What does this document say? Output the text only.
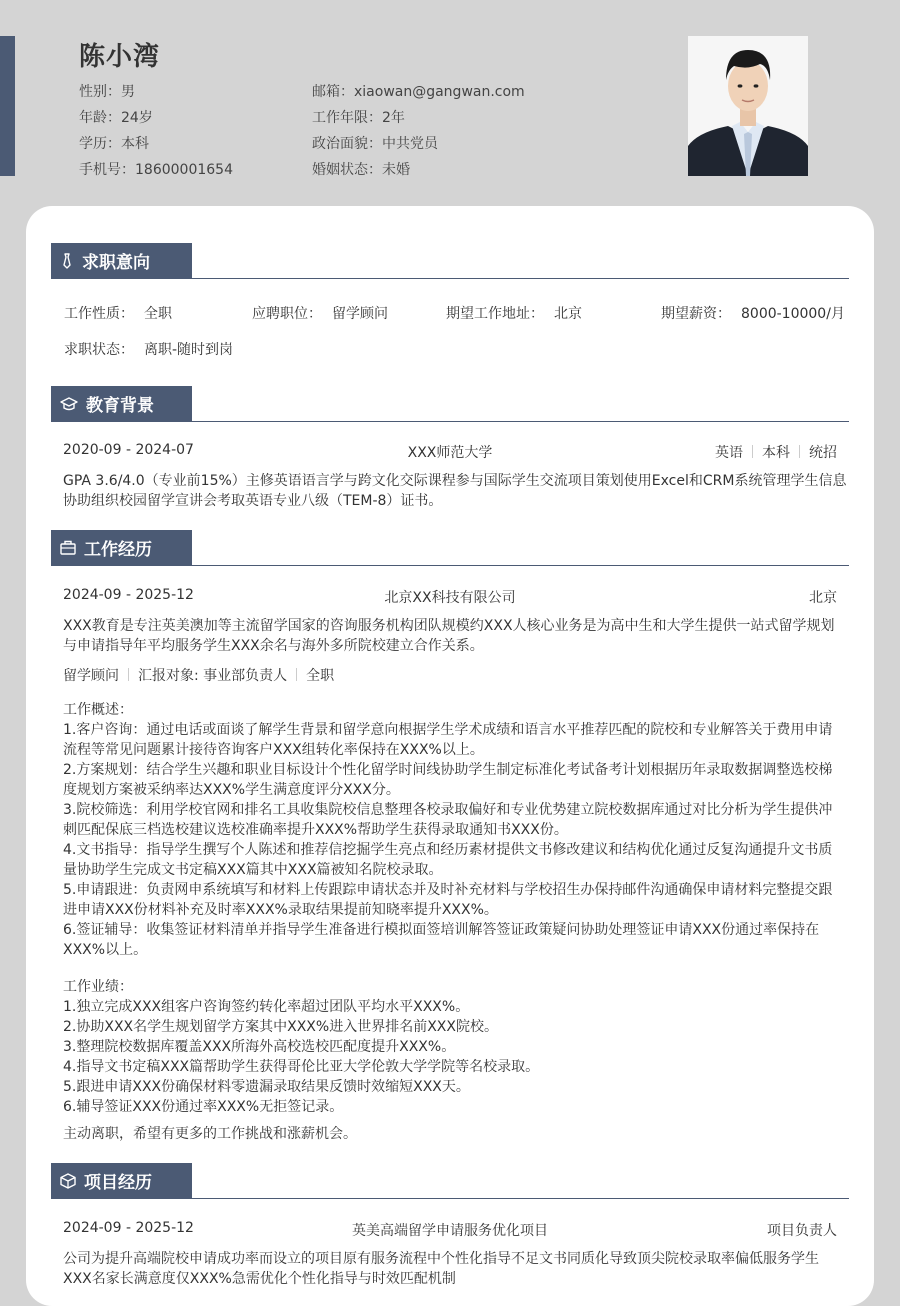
陈小湾
性别：男
年龄：24岁
学历：本科
手机号：18600001654
邮箱：xiaowan@gangwan.com
工作年限：2年
政治面貌：中共党员
婚姻状态：未婚
求职意向
工作性质： 全职	应聘职位： 留学顾问	期望工作地址： 北京	期望薪资： 8000-10000/月
求职状态： 离职-随时到岗
教育背景
2020-09 - 2024-07	XXX师范大学	英语 本科 统招
GPA 3.6/4.0（专业前15%）主修英语语言学与跨文化交际课程参与国际学生交流项目策划使用Excel和CRM系统管理学生信息
协助组织校园留学宣讲会考取英语专业八级（TEM-8）证书。
工作经历
2024-09 - 2025-12	北京XX科技有限公司	北京
XXX教育是专注英美澳加等主流留学国家的咨询服务机构团队规模约XXX人核心业务是为高中生和大学生提供一站式留学规划
与申请指导年平均服务学生XXX余名与海外多所院校建立合作关系。
留学顾问 汇报对象: 事业部负责人 全职
工作概述：
1.客户咨询：通过电话或面谈了解学生背景和留学意向根据学生学术成绩和语言水平推荐匹配的院校和专业解答关于费用申请
流程等常见问题累计接待咨询客户XXX组转化率保持在XXX%以上。
2.方案规划：结合学生兴趣和职业目标设计个性化留学时间线协助学生制定标准化考试备考计划根据历年录取数据调整选校梯
度规划方案被采纳率达XXX%学生满意度评分XXX分。
3.院校筛选：利用学校官网和排名工具收集院校信息整理各校录取偏好和专业优势建立院校数据库通过对比分析为学生提供冲
刺匹配保底三档选校建议选校准确率提升XXX%帮助学生获得录取通知书XXX份。
4.文书指导：指导学生撰写个人陈述和推荐信挖掘学生亮点和经历素材提供文书修改建议和结构优化通过反复沟通提升文书质
量协助学生完成文书定稿XXX篇其中XXX篇被知名院校录取。
5.申请跟进：负责网申系统填写和材料上传跟踪申请状态并及时补充材料与学校招生办保持邮件沟通确保申请材料完整提交跟
进申请XXX份材料补充及时率XXX%录取结果提前知晓率提升XXX%。
6.签证辅导：收集签证材料清单并指导学生准备进行模拟面签培训解答签证政策疑问协助处理签证申请XXX份通过率保持在
XXX%以上。
工作业绩：
1.独立完成XXX组客户咨询签约转化率超过团队平均水平XXX%。
2.协助XXX名学生规划留学方案其中XXX%进入世界排名前XXX院校。
3.整理院校数据库覆盖XXX所海外高校选校匹配度提升XXX%。
4.指导文书定稿XXX篇帮助学生获得哥伦比亚大学伦敦大学学院等名校录取。
5.跟进申请XXX份确保材料零遗漏录取结果反馈时效缩短XXX天。
6.辅导签证XXX份通过率XXX%无拒签记录。
主动离职，希望有更多的工作挑战和涨薪机会。
项目经历
2024-09 - 2025-12	英美高端留学申请服务优化项目	项目负责人
公司为提升高端院校申请成功率而设立的项目原有服务流程中个性化指导不足文书同质化导致顶尖院校录取率偏低服务学生
XXX名家长满意度仅XXX%急需优化个性化指导与时效匹配机制
